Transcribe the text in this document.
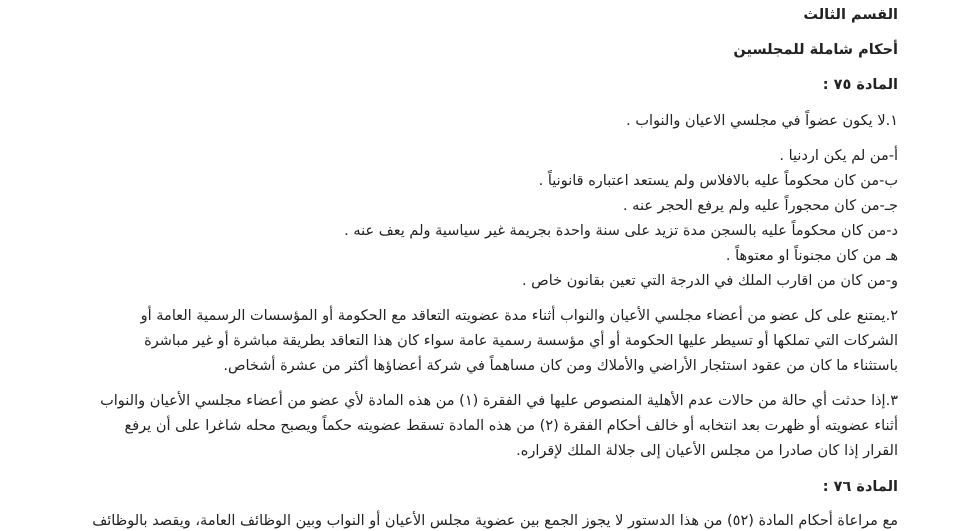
القسم الثالث
أحكام شاملة للمجلسين
المادة ٧٥ :
١.لا يكون عضواً في مجلسي الاعيان والنواب .
أ-من لم يكن اردنيا .
ب-من كان محكوماً عليه بالافلاس ولم يستعد اعتباره قانونياً .
جـ-من كان محجوراً عليه ولم يرفع الحجر عنه .
د-من كان محكوماً عليه بالسجن مدة تزيد على سنة واحدة بجريمة غير سياسية ولم يعف عنه .
هـ من كان مجنوناً او معتوهاً .
و-من كان من اقارب الملك في الدرجة التي تعين بقانون خاص .
٢.يمتنع على كل عضو من أعضاء مجلسي الأعيان والنواب أثناء مدة عضويته التعاقد مع الحكومة أو المؤسسات الرسمية العامة أو
الشركات التي تملكها أو تسيطر عليها الحكومة أو أي مؤسسة رسمية عامة سواء كان هذا التعاقد بطريقة مباشرة أو غير مباشرة
باستثناء ما كان من عقود استئجار الأراضي والأملاك ومن كان مساهماً في شركة أعضاؤها أكثر من عشرة أشخاص.
٣.إذا حدثت أي حالة من حالات عدم الأهلية المنصوص عليها في الفقرة (١) من هذه المادة لأي عضو من أعضاء مجلسي الأعيان والنواب
أثناء عضويته أو ظهرت بعد انتخابه أو خالف أحكام الفقرة (٢) من هذه المادة تسقط عضويته حكماً ويصبح محله شاغرا على أن يرفع
القرار إذا كان صادرا من مجلس الأعيان إلى جلالة الملك لإقراره.
المادة ٧٦ :
مع مراعاة أحكام المادة (٥٢) من هذا الدستور لا يجوز الجمع بين عضوية مجلس الأعيان أو النواب وبين الوظائف العامة، ويقصد بالوظائف
